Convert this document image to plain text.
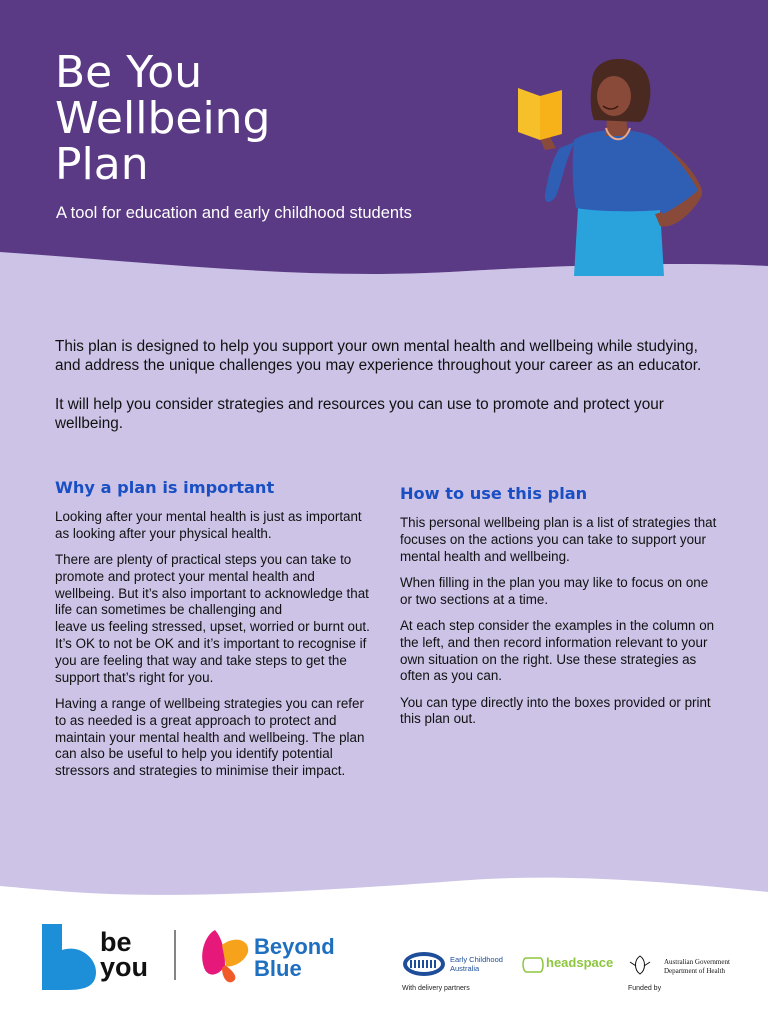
Be You
Wellbeing
Plan
A tool for education and early childhood students

This plan is designed to help you support your own mental health and wellbeing while studying, and address the unique challenges you may experience throughout your career as an educator.

It will help you consider strategies and resources you can use to promote and protect your wellbeing.

Why a plan is important

Looking after your mental health is just as important as looking after your physical health.

There are plenty of practical steps you can take to promote and protect your mental health and wellbeing. But it’s also important to acknowledge that life can sometimes be challenging and
leave us feeling stressed, upset, worried or burnt out. It’s OK to not be OK and it’s important to recognise if you are feeling that way and take steps to get the support that’s right for you.

Having a range of wellbeing strategies you can refer to as needed is a great approach to protect and maintain your mental health and wellbeing. The plan can also be useful to help you identify potential stressors and strategies to minimise their impact.

How to use this plan

This personal wellbeing plan is a list of strategies that focuses on the actions you can take to support your mental health and wellbeing.

When filling in the plan you may like to focus on one or two sections at a time.

At each step consider the examples in the column on the left, and then record information relevant to your own situation on the right. Use these strategies as often as you can.

You can type directly into the boxes provided or print this plan out.

be
you
Beyond
Blue	Early Childhood
Australia	headspace	Australian Government
Department of Health
With delivery partners	Funded by
